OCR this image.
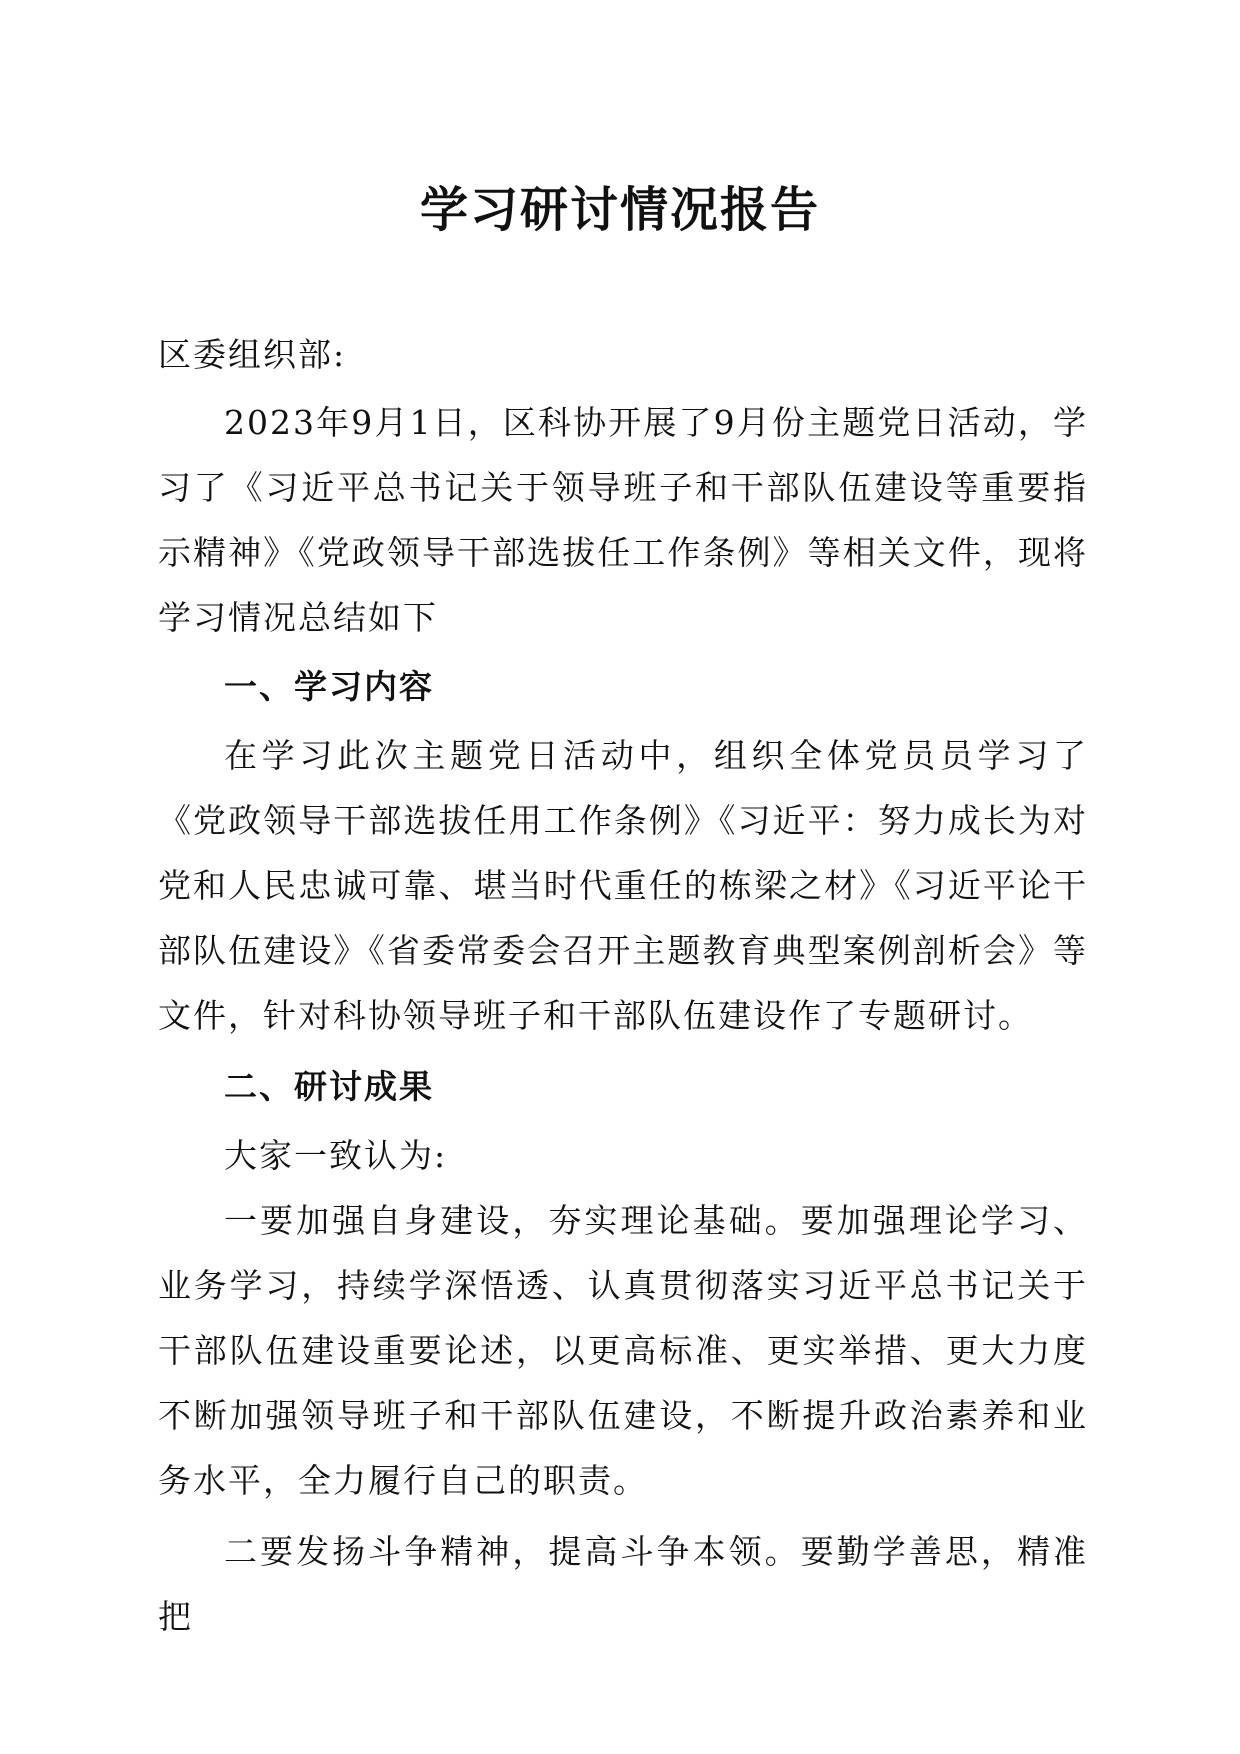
学习研讨情况报告

区委组织部:

2023年9月1日，区科协开展了9月份主题党日活动，学习了《习近平总书记关于领导班子和干部队伍建设等重要指示精神》《党政领导干部选拔任工作条例》等相关文件，现将学习情况总结如下

一、学习内容

在学习此次主题党日活动中，组织全体党员员学习了《党政领导干部选拔任用工作条例》《习近平：努力成长为对党和人民忠诚可靠、堪当时代重任的栋梁之材》《习近平论干部队伍建设》《省委常委会召开主题教育典型案例剖析会》等文件，针对科协领导班子和干部队伍建设作了专题研讨。

二、研讨成果

大家一致认为:

一要加强自身建设，夯实理论基础。要加强理论学习、业务学习，持续学深悟透、认真贯彻落实习近平总书记关于干部队伍建设重要论述，以更高标准、更实举措、更大力度不断加强领导班子和干部队伍建设，不断提升政治素养和业务水平，全力履行自己的职责。

二要发扬斗争精神，提高斗争本领。要勤学善思，精准把
